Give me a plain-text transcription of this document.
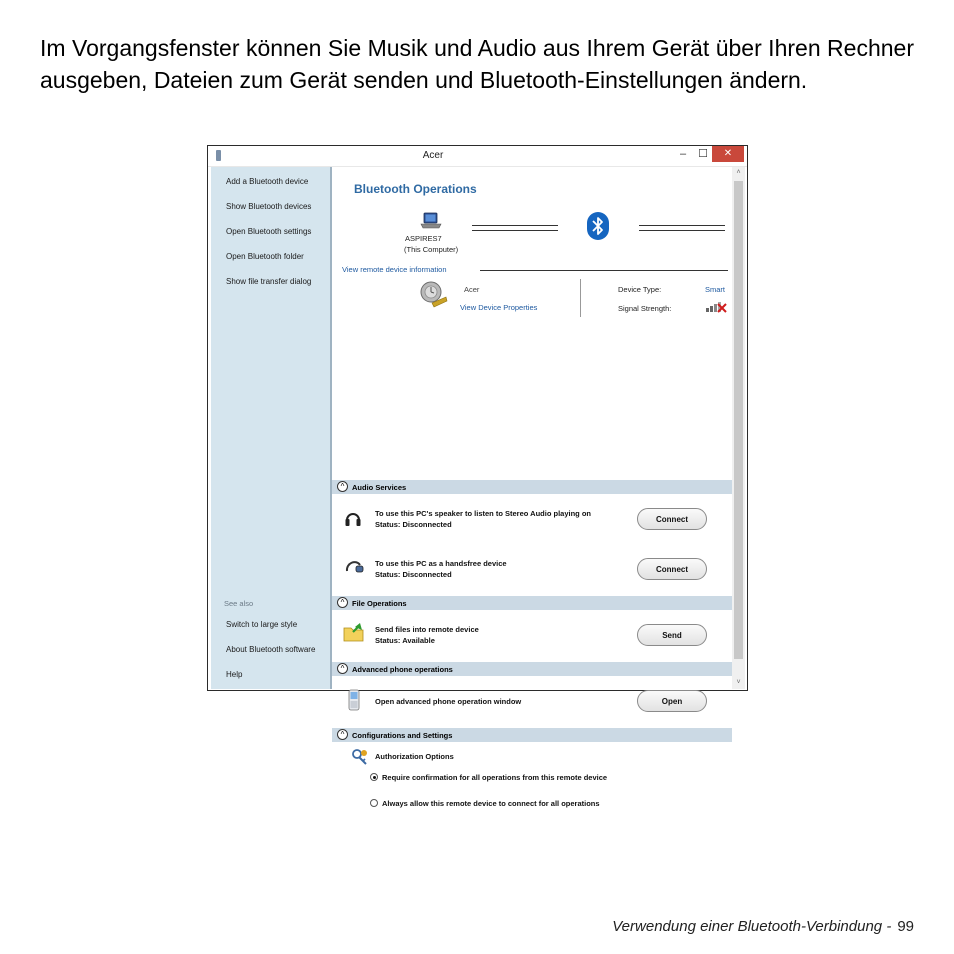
Im Vorgangsfenster können Sie Musik und Audio aus Ihrem Gerät über Ihren Rechner ausgeben, Dateien zum Gerät senden und Bluetooth-Einstellungen ändern.

Acer	–	☐	✕
Add a Bluetooth device
Show Bluetooth devices
Open Bluetooth settings
Open Bluetooth folder
Show file transfer dialog
See also
Switch to large style
About Bluetooth software
Help
Bluetooth Operations
ASPIRES7
(This Computer)
View remote device information
Acer
View Device Properties
Device Type:	Smart
Signal Strength:
^	Audio Services
To use this PC's speaker to listen to Stereo Audio playing on
Status: Disconnected
Connect
To use this PC as a handsfree device
Status: Disconnected
Connect
^	File Operations
Send files into remote device
Status: Available
Send
^	Advanced phone operations
Open advanced phone operation window	Open
^	Configurations and Settings
Authorization Options
Require confirmation for all operations from this remote device
Always allow this remote device to connect for all operations
˄
˅
Verwendung einer Bluetooth-Verbindung - 99
